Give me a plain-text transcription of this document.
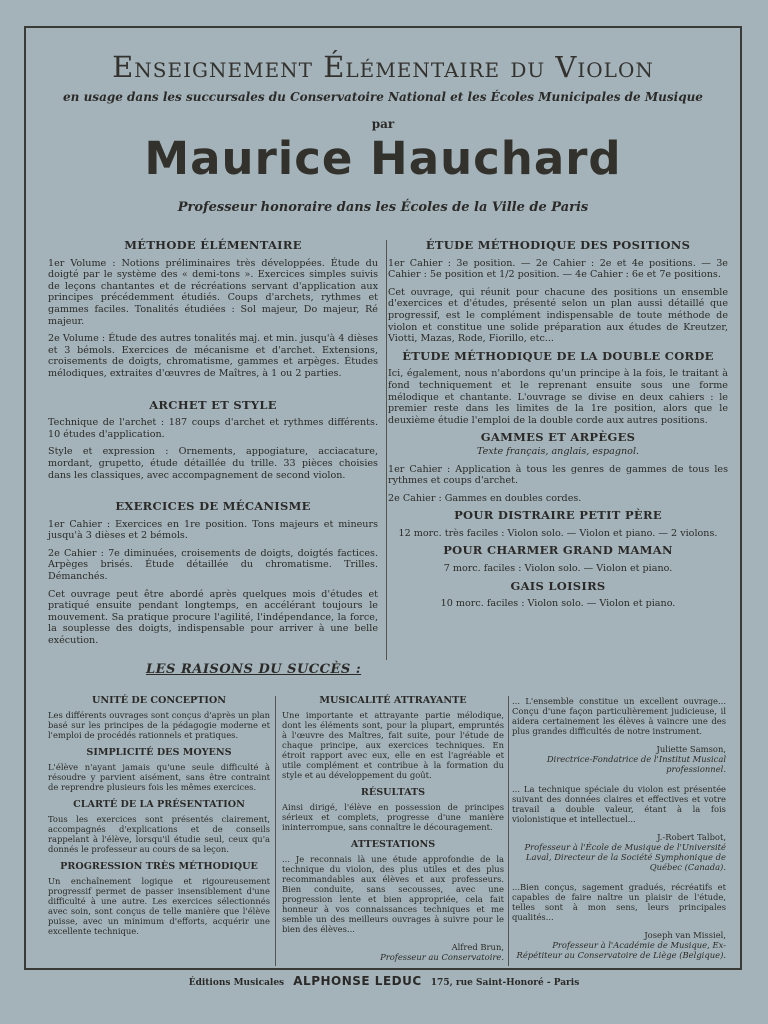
Enseignement Élémentaire du Violon
en usage dans les succursales du Conservatoire National et les Écoles Municipales de Musique
par
Maurice Hauchard
Professeur honoraire dans les Écoles de la Ville de Paris
MÉTHODE ÉLÉMENTAIRE
1er Volume : Notions préliminaires très développées. Étude du doigté par le système des « demi-tons ». Exercices simples suivis de leçons chantantes et de récréations servant d'application aux principes précédemment étudiés. Coups d'archets, rythmes et gammes faciles. Tonalités étudiées : Sol majeur, Do majeur, Ré majeur.
2e Volume : Étude des autres tonalités maj. et min. jusqu'à 4 dièses et 3 bémols. Exercices de mécanisme et d'archet. Extensions, croisements de doigts, chromatisme, gammes et arpèges. Études mélodiques, extraites d'œuvres de Maîtres, à 1 ou 2 parties.
ARCHET ET STYLE
Technique de l'archet : 187 coups d'archet et rythmes différents. 10 études d'application.
Style et expression : Ornements, appogiature, acciacature, mordant, grupetto, étude détaillée du trille. 33 pièces choisies dans les classiques, avec accompagnement de second violon.
EXERCICES DE MÉCANISME
1er Cahier : Exercices en 1re position. Tons majeurs et mineurs jusqu'à 3 dièses et 2 bémols.
2e Cahier : 7e diminuées, croisements de doigts, doigtés factices. Arpèges brisés. Étude détaillée du chromatisme. Trilles. Démanchés.
Cet ouvrage peut être abordé après quelques mois d'études et pratiqué ensuite pendant longtemps, en accélérant toujours le mouvement. Sa pratique procure l'agilité, l'indépendance, la force, la souplesse des doigts, indispensable pour arriver à une belle exécution.
ÉTUDE MÉTHODIQUE DES POSITIONS
1er Cahier : 3e position. — 2e Cahier : 2e et 4e positions. — 3e Cahier : 5e position et 1/2 position. — 4e Cahier : 6e et 7e positions.
Cet ouvrage, qui réunit pour chacune des positions un ensemble d'exercices et d'études, présenté selon un plan aussi détaillé que progressif, est le complément indispensable de toute méthode de violon et constitue une solide préparation aux études de Kreutzer, Viotti, Mazas, Rode, Fiorillo, etc...
ÉTUDE MÉTHODIQUE DE LA DOUBLE CORDE
Ici, également, nous n'abordons qu'un principe à la fois, le traitant à fond techniquement et le reprenant ensuite sous une forme mélodique et chantante. L'ouvrage se divise en deux cahiers : le premier reste dans les limites de la 1re position, alors que le deuxième étudie l'emploi de la double corde aux autres positions.
GAMMES ET ARPÈGES
Texte français, anglais, espagnol.
1er Cahier : Application à tous les genres de gammes de tous les rythmes et coups d'archet.
2e Cahier : Gammes en doubles cordes.
POUR DISTRAIRE PETIT PÈRE
12 morc. très faciles : Violon solo. — Violon et piano. — 2 violons.
POUR CHARMER GRAND MAMAN
7 morc. faciles : Violon solo. — Violon et piano.
GAIS LOISIRS
10 morc. faciles : Violon solo. — Violon et piano.
LES RAISONS DU SUCCÈS :
UNITÉ DE CONCEPTION
Les différents ouvrages sont conçus d'après un plan basé sur les principes de la pédagogie moderne et l'emploi de procédés rationnels et pratiques.
SIMPLICITÉ DES MOYENS
L'élève n'ayant jamais qu'une seule difficulté à résoudre y parvient aisément, sans être contraint de reprendre plusieurs fois les mêmes exercices.
CLARTÉ DE LA PRÉSENTATION
Tous les exercices sont présentés clairement, accompagnés d'explications et de conseils rappelant à l'élève, lorsqu'il étudie seul, ceux qu'a donnés le professeur au cours de sa leçon.
PROGRESSION TRÈS MÉTHODIQUE
Un enchaînement logique et rigoureusement progressif permet de passer insensiblement d'une difficulté à une autre. Les exercices sélectionnés avec soin, sont conçus de telle manière que l'élève puisse, avec un minimum d'efforts, acquérir une excellente technique.
MUSICALITÉ ATTRAYANTE
Une importante et attrayante partie mélodique, dont les éléments sont, pour la plupart, empruntés à l'œuvre des Maîtres, fait suite, pour l'étude de chaque principe, aux exercices techniques. En étroit rapport avec eux, elle en est l'agréable et utile complément et contribue à la formation du style et au développement du goût.
RÉSULTATS
Ainsi dirigé, l'élève en possession de principes sérieux et complets, progresse d'une manière ininterrompue, sans connaître le découragement.
ATTESTATIONS
... Je reconnais là une étude approfondie de la technique du violon, des plus utiles et des plus recommandables aux élèves et aux professeurs. Bien conduite, sans secousses, avec une progression lente et bien appropriée, cela fait honneur à vos connaissances techniques et me semble un des meilleurs ouvrages à suivre pour le bien des élèves...
Alfred Brun,
Professeur au Conservatoire.
... L'ensemble constitue un excellent ouvrage... Conçu d'une façon particulièrement judicieuse, il aidera certainement les élèves à vaincre une des plus grandes difficultés de notre instrument.
Juliette Samson,
Directrice-Fondatrice de l'Institut Musical professionnel.
... La technique spéciale du violon est présentée suivant des données claires et effectives et votre travail a double valeur, étant à la fois violonistique et intellectuel...
J.-Robert Talbot,
Professeur à l'École de Musique de l'Université Laval, Directeur de la Société Symphonique de Québec (Canada).
...Bien conçus, sagement gradués, récréatifs et capables de faire naître un plaisir de l'étude, telles sont à mon sens, leurs principales qualités...
Joseph van Missiel,
Professeur à l'Académie de Musique, Ex-Répétiteur au Conservatoire de Liège (Belgique).
Éditions Musicales ALPHONSE LEDUC 175, rue Saint-Honoré - Paris
